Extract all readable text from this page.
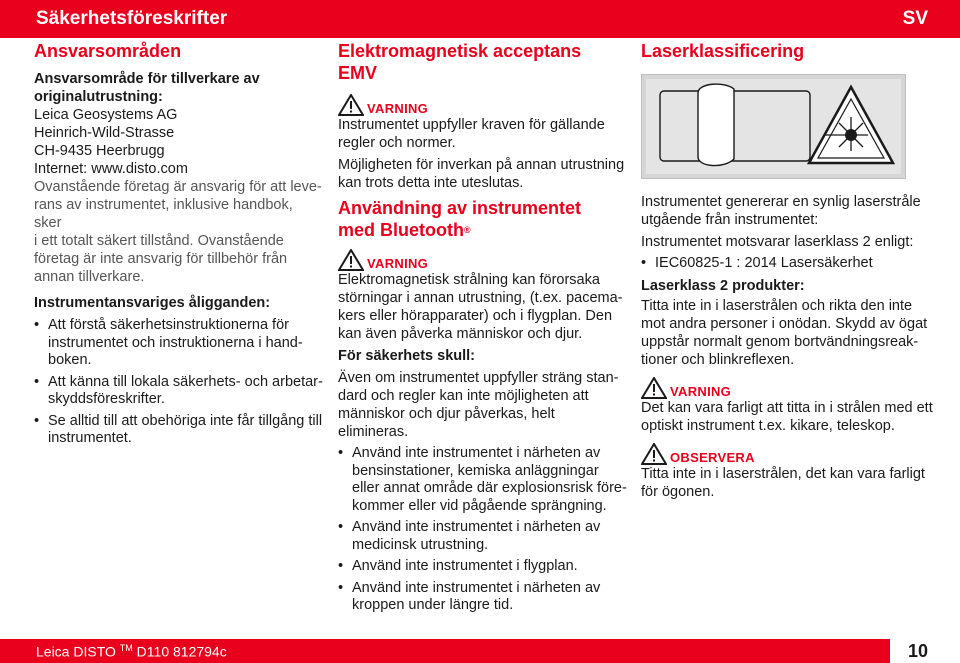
Säkerhetsföreskrifter	SV
Ansvarsområden
Ansvarsområde för tillverkare av originalutrustning:
Leica Geosystems AG
Heinrich-Wild-Strasse
CH-9435 Heerbrugg
Internet: www.disto.com
Ovanstående företag är ansvarig för att leve-
rans av instrumentet, inklusive handbok, sker
i ett totalt säkert tillstånd. Ovanstående
företag är inte ansvarig för tillbehör från
annan tillverkare.
Instrumentansvariges åligganden:
• Att förstå säkerhetsinstruktionerna för instrumentet och instruktionerna i hand-boken.
• Att känna till lokala säkerhets- och arbetar-skyddsföreskrifter.
• Se alltid till att obehöriga inte får tillgång till instrumentet.
Elektromagnetisk acceptans
EMV
VARNING

Instrumentet uppfyller kraven för gällande regler och normer.

Möjligheten för inverkan på annan utrustning kan trots detta inte uteslutas.

Användning av instrumentet
med Bluetooth®
VARNING

Elektromagnetisk strålning kan förorsaka störningar i annan utrustning, (t.ex. pacema-kers eller hörapparater) och i flygplan. Den kan även påverka människor och djur.

För säkerhets skull:

Även om instrumentet uppfyller sträng stan-dard och regler kan inte möjligheten att människor och djur påverkas, helt elimineras.

• Använd inte instrumentet i närheten av bensinstationer, kemiska anläggningar eller annat område där explosionsrisk före-kommer eller vid pågående sprängning.
• Använd inte instrumentet i närheten av medicinsk utrustning.
• Använd inte instrumentet i flygplan.
• Använd inte instrumentet i närheten av kroppen under längre tid.
Laserklassificering

Instrumentet genererar en synlig laserstråle utgående från instrumentet:

Instrumentet motsvarar laserklass 2 enligt:

• IEC60825-1 : 2014 Lasersäkerhet
Laserklass 2 produkter:

Titta inte in i laserstrålen och rikta den inte mot andra personer i onödan. Skydd av ögat uppstår normalt genom bortvändningsreak-tioner och blinkreflexen.

VARNING

Det kan vara farligt att titta in i strålen med ett optiskt instrument t.ex. kikare, teleskop.

OBSERVERA

Titta inte in i laserstrålen, det kan vara farligt för ögonen.

Leica DISTO ™ D110 812794c	10
